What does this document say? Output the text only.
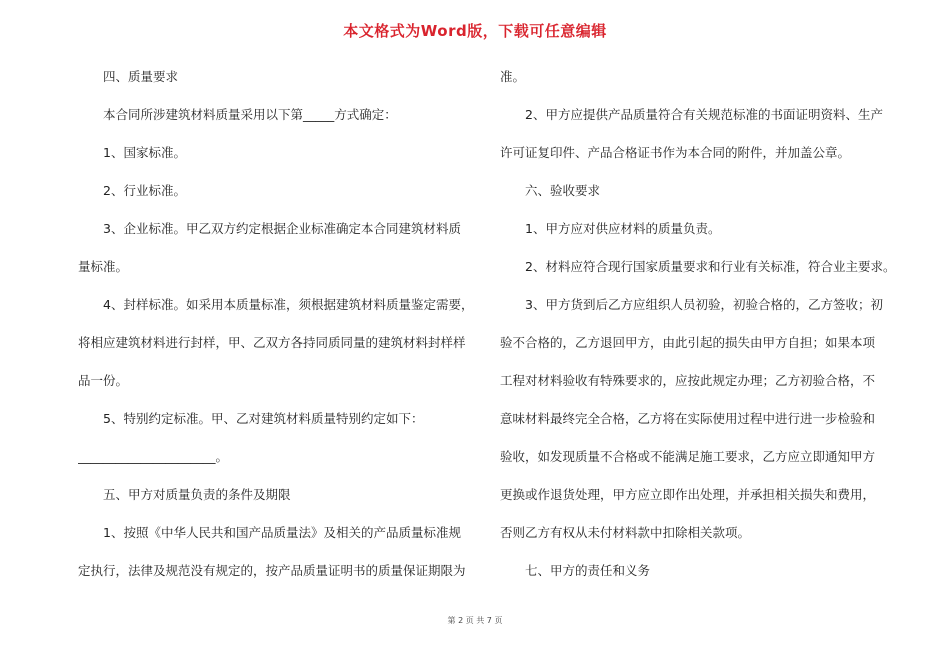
本文格式为Word版，下载可任意编辑

四、质量要求

本合同所涉建筑材料质量采用以下第_____方式确定：

1、国家标准。

2、行业标准。

3、企业标准。甲乙双方约定根据企业标准确定本合同建筑材料质

量标准。

4、封样标准。如采用本质量标准，须根据建筑材料质量鉴定需要，

将相应建筑材料进行封样，甲、乙双方各持同质同量的建筑材料封样样

品一份。

5、特别约定标准。甲、乙对建筑材料质量特别约定如下：

______________________。

五、甲方对质量负责的条件及期限

1、按照《中华人民共和国产品质量法》及相关的产品质量标准规

定执行，法律及规范没有规定的，按产品质量证明书的质量保证期限为

准。

2、甲方应提供产品质量符合有关规范标准的书面证明资料、生产

许可证复印件、产品合格证书作为本合同的附件，并加盖公章。

六、验收要求

1、甲方应对供应材料的质量负责。

2、材料应符合现行国家质量要求和行业有关标准，符合业主要求。

3、甲方货到后乙方应组织人员初验，初验合格的，乙方签收；初

验不合格的，乙方退回甲方，由此引起的损失由甲方自担；如果本项

工程对材料验收有特殊要求的，应按此规定办理；乙方初验合格，不

意味材料最终完全合格，乙方将在实际使用过程中进行进一步检验和

验收，如发现质量不合格或不能满足施工要求，乙方应立即通知甲方

更换或作退货处理，甲方应立即作出处理，并承担相关损失和费用，

否则乙方有权从未付材料款中扣除相关款项。

七、甲方的责任和义务

第 2 页 共 7 页
